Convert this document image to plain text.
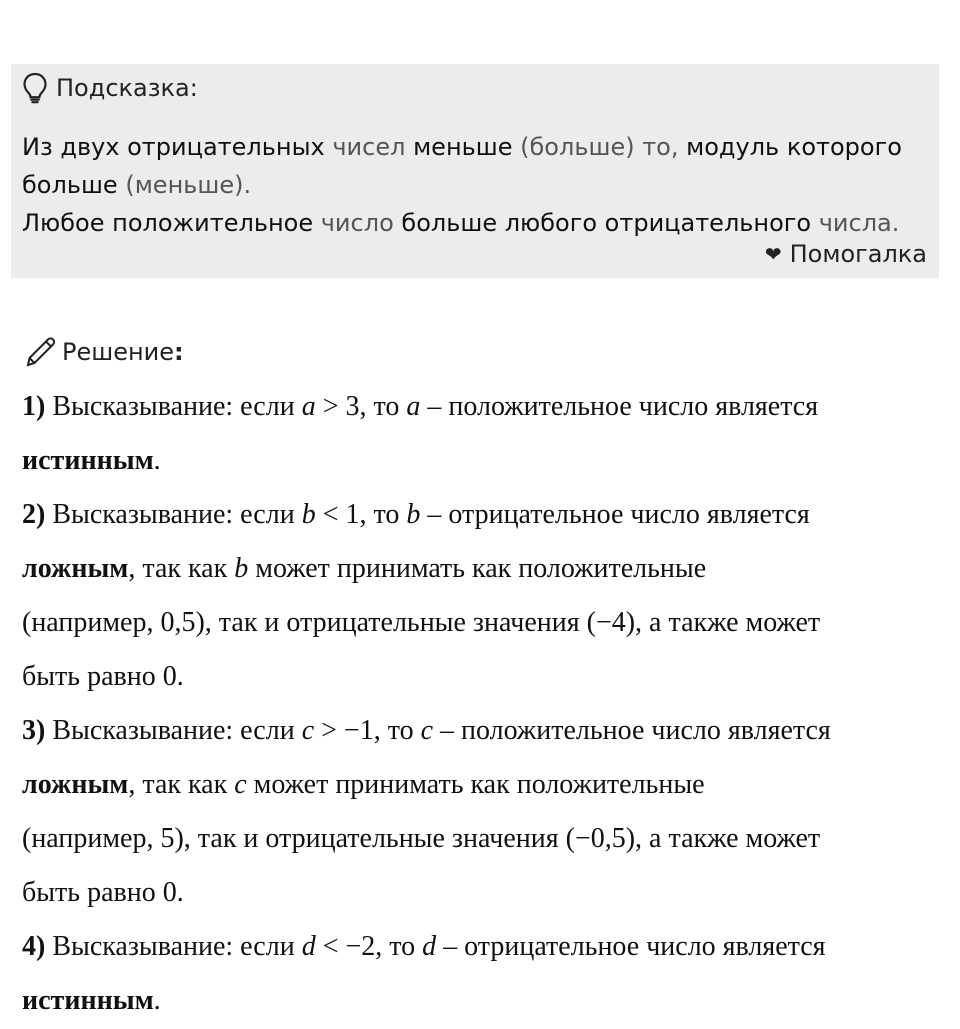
Подсказка:
Из двух отрицательных чисел меньше (больше) то, модуль которого
больше (меньше).
Любое положительное число больше любого отрицательного числа.
❤ Помогалка
Решение :

1) Высказывание: если a > 3, то a – положительное число является

истинным.

2) Высказывание: если b < 1, то b – отрицательное число является

ложным, так как b может принимать как положительные

(например, 0,5), так и отрицательные значения (−4), а также может

быть равно 0.

3) Высказывание: если c > −1, то c – положительное число является

ложным, так как c может принимать как положительные

(например, 5), так и отрицательные значения (−0,5), а также может

быть равно 0.

4) Высказывание: если d < −2, то d – отрицательное число является

истинным.
